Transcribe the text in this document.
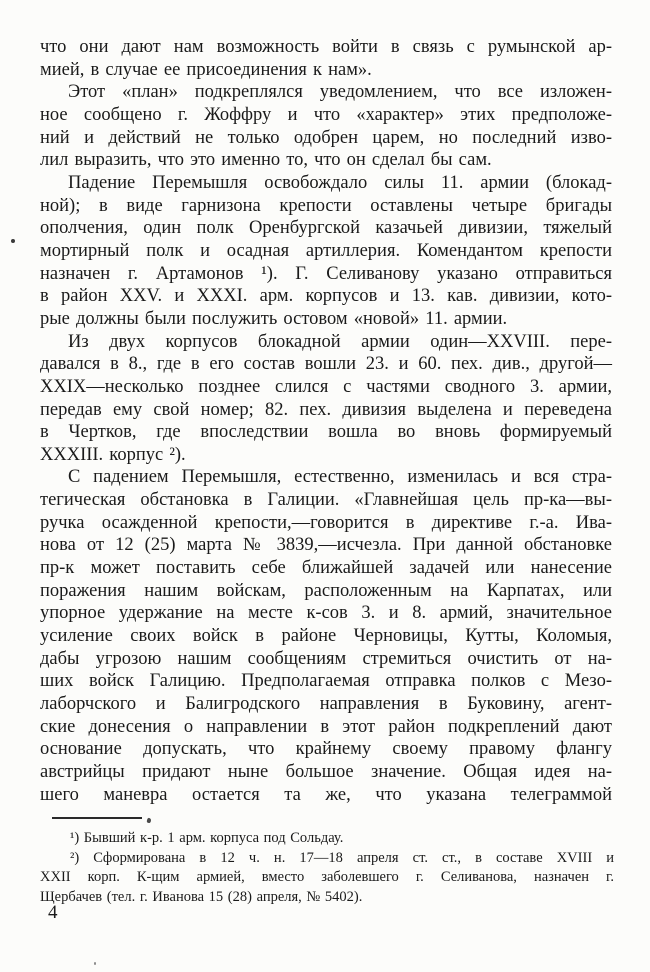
что они дают нам возможность войти в связь с румынской ар-
мией, в случае ее присоединения к нам».
Этот «план» подкреплялся уведомлением, что все изложен-
ное сообщено г. Жоффру и что «характер» этих предположе-
ний и действий не только одобрен царем, но последний изво-
лил выразить, что это именно то, что он сделал бы сам.
Падение Перемышля освобождало силы 11. армии (блокад-
ной); в виде гарнизона крепости оставлены четыре бригады
ополчения, один полк Оренбургской казачьей дивизии, тяжелый
мортирный полк и осадная артиллерия. Комендантом крепости
назначен г. Артамонов ¹). Г. Селиванову указано отправиться
в район XXV. и XXXI. арм. корпусов и 13. кав. дивизии, кото-
рые должны были послужить остовом «новой» 11. армии.
Из двух корпусов блокадной армии один—XXVIII. пере-
давался в 8., где в его состав вошли 23. и 60. пех. див., другой—
XXIX—несколько позднее слился с частями сводного 3. армии,
передав ему свой номер; 82. пех. дивизия выделена и переведена
в Чертков, где впоследствии вошла во вновь формируемый
XXXIII. корпус ²).
С падением Перемышля, естественно, изменилась и вся стра-
тегическая обстановка в Галиции. «Главнейшая цель пр-ка—вы-
ручка осажденной крепости,—говорится в директиве г.-а. Ива-
нова от 12 (25) марта № 3839,—исчезла. При данной обстановке
пр-к может поставить себе ближайшей задачей или нанесение
поражения нашим войскам, расположенным на Карпатах, или
упорное удержание на месте к-сов 3. и 8. армий, значительное
усиление своих войск в районе Черновицы, Кутты, Коломыя,
дабы угрозою нашим сообщениям стремиться очистить от на-
ших войск Галицию. Предполагаемая отправка полков с Мезо-
лаборчского и Балигродского направления в Буковину, агент-
ские донесения о направлении в этот район подкреплений дают
основание допускать, что крайнему своему правому флангу
австрийцы придают ныне большое значение. Общая идея на-
шего маневра остается та же, что указана телеграммой
¹) Бывший к-р. 1 арм. корпуса под Сольдау.
²) Сформирована в 12 ч. н. 17—18 апреля ст. ст., в составе XVIII и
XXII корп. К-щим армией, вместо заболевшего г. Селиванова, назначен г.
Щербачев (тел. г. Иванова 15 (28) апреля, № 5402).
4
